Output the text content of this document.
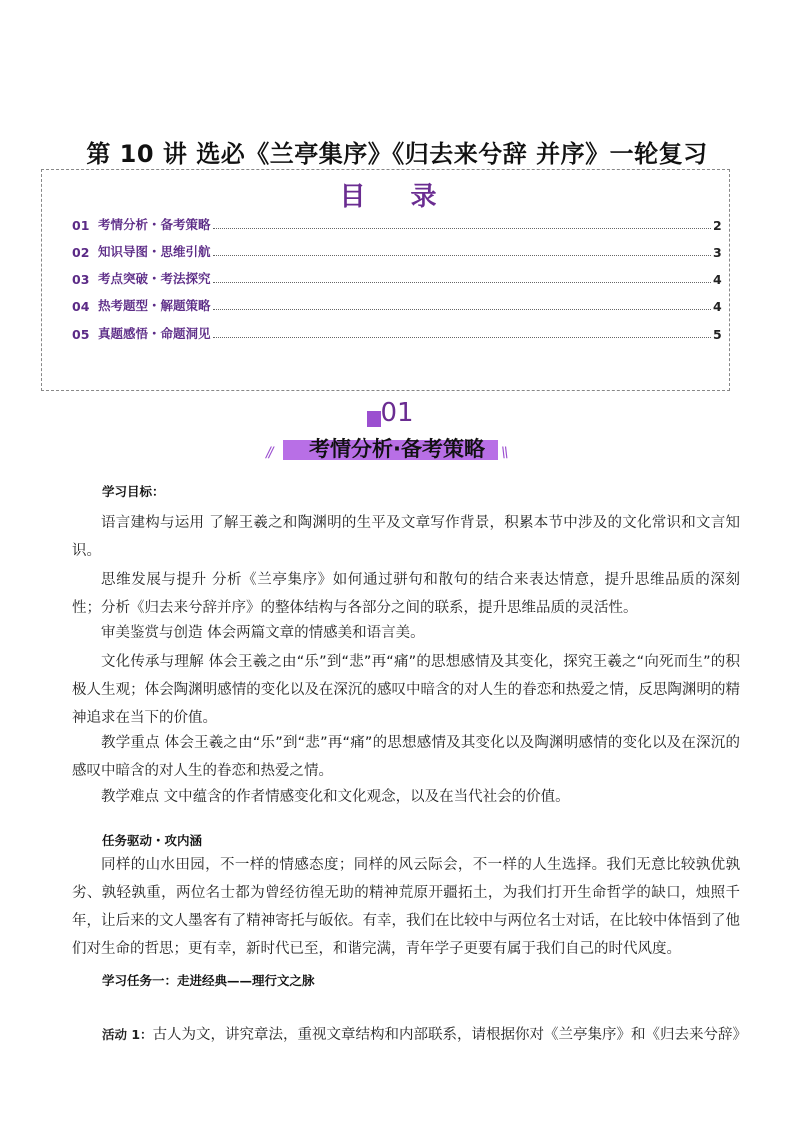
第 10 讲 选必《兰亭集序》《归去来兮辞 并序》一轮复习
目 录
01 考情分析・备考策略	2
02 知识导图・思维引航	3
03 考点突破・考法探究	4
04 热考题型・解题策略	4
05 真题感悟・命题洞见	5
01
//	\\
考情分析·备考策略
学习目标：
语言建构与运用 了解王羲之和陶渊明的生平及文章写作背景，积累本节中涉及的文化常识和文言知识。
思维发展与提升 分析《兰亭集序》如何通过骈句和散句的结合来表达情意，提升思维品质的深刻性；分析《归去来兮辞并序》的整体结构与各部分之间的联系，提升思维品质的灵活性。
审美鉴赏与创造 体会两篇文章的情感美和语言美。
文化传承与理解 体会王羲之由“乐”到“悲”再“痛”的思想感情及其变化，探究王羲之“向死而生”的积极人生观；体会陶渊明感情的变化以及在深沉的感叹中暗含的对人生的眷恋和热爱之情，反思陶渊明的精神追求在当下的价值。
教学重点 体会王羲之由“乐”到“悲”再“痛”的思想感情及其变化以及陶渊明感情的变化以及在深沉的感叹中暗含的对人生的眷恋和热爱之情。
教学难点 文中蕴含的作者情感变化和文化观念，以及在当代社会的价值。
任务驱动・攻内涵
同样的山水田园，不一样的情感态度；同样的风云际会，不一样的人生选择。我们无意比较孰优孰劣、孰轻孰重，两位名士都为曾经彷徨无助的精神荒原开疆拓土，为我们打开生命哲学的缺口，烛照千年，让后来的文人墨客有了精神寄托与皈依。有幸，我们在比较中与两位名士对话，在比较中体悟到了他们对生命的哲思；更有幸，新时代已至，和谐完满，青年学子更要有属于我们自己的时代风度。
学习任务一：走进经典——理行文之脉
活动 1：古人为文，讲究章法，重视文章结构和内部联系，请根据你对《兰亭集序》和《归去来兮辞》
